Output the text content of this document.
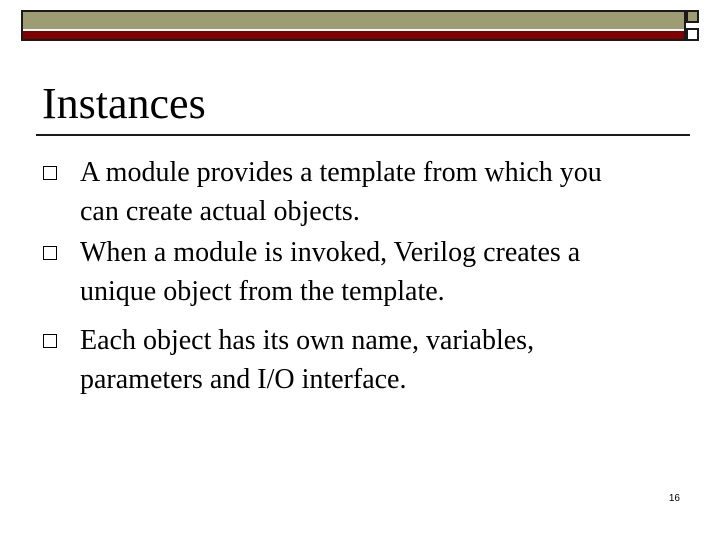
Instances
A module provides a template from which you
can create actual objects.
When a module is invoked, Verilog creates a
unique object from the template.
Each object has its own name, variables,
parameters and I/O interface.
16
